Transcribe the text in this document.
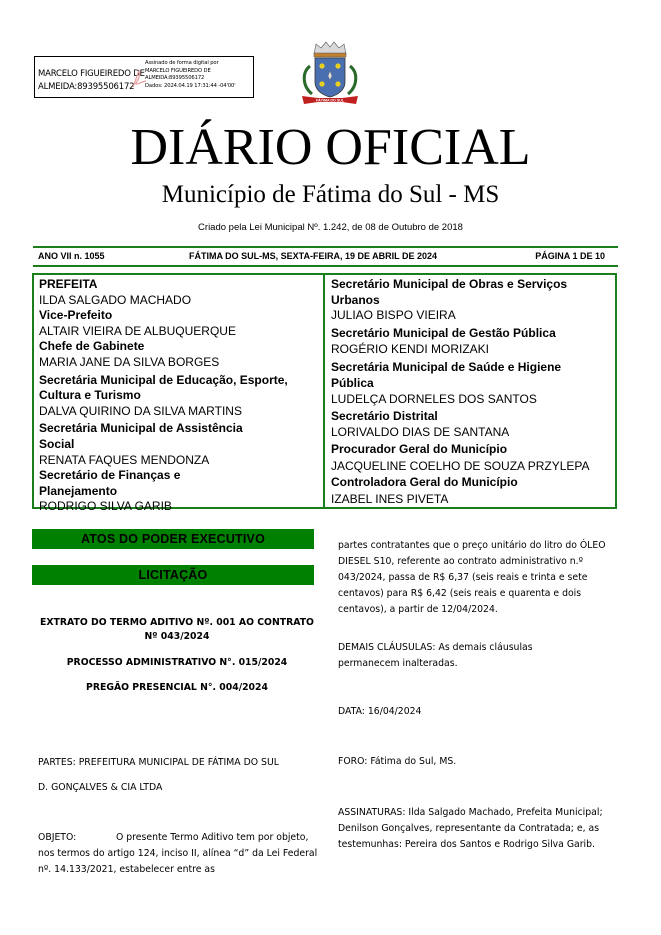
MARCELO FIGUEIREDO DE
ALMEIDA:89395506172
Assinado de forma digital por
MARCELO FIGUEIREDO DE
ALMEIDA:89395506172
Dados: 2024.04.19 17:31:44 -04'00'
FÁTIMA DO SUL
DIÁRIO OFICIAL
Município de Fátima do Sul - MS
Criado pela Lei Municipal Nº. 1.242, de 08 de Outubro de 2018
ANO VII n. 1055	FÁTIMA DO SUL-MS, SEXTA-FEIRA, 19 DE ABRIL DE 2024	PÁGINA 1 DE 10
PREFEITA
ILDA SALGADO MACHADO
Vice-Prefeito
ALTAIR VIEIRA DE ALBUQUERQUE
Chefe de Gabinete
MARIA JANE DA SILVA BORGES
Secretária Municipal de Educação, Esporte, Cultura e Turismo
DALVA QUIRINO DA SILVA MARTINS
Secretária Municipal de Assistência Social
RENATA FAQUES MENDONZA
Secretário de Finanças e Planejamento
RODRIGO SILVA GARIB
Secretário Municipal de Obras e Serviços Urbanos
JULIAO BISPO VIEIRA
Secretário Municipal de Gestão Pública
ROGÉRIO KENDI MORIZAKI
Secretária Municipal de Saúde e Higiene Pública
LUDELÇA DORNELES DOS SANTOS
Secretário Distrital
LORIVALDO DIAS DE SANTANA
Procurador Geral do Município
JACQUELINE COELHO DE SOUZA PRZYLEPA
Controladora Geral do Município
IZABEL INES PIVETA
ATOS DO PODER EXECUTIVO
LICITAÇÃO
EXTRATO DO TERMO ADITIVO Nº. 001 AO CONTRATO Nº 043/2024
PROCESSO ADMINISTRATIVO N°. 015/2024
PREGÃO PRESENCIAL N°. 004/2024
PARTES: PREFEITURA MUNICIPAL DE FÁTIMA DO SUL
D. GONÇALVES & CIA LTDA
OBJETO:	O presente Termo Aditivo tem por objeto, nos termos do artigo 124, inciso II, alínea “d” da Lei Federal nº. 14.133/2021, estabelecer entre as
partes contratantes que o preço unitário do litro do ÓLEO DIESEL S10, referente ao contrato administrativo n.º 043/2024, passa de R$ 6,37 (seis reais e trinta e sete centavos) para R$ 6,42 (seis reais e quarenta e dois centavos), a partir de 12/04/2024.
DEMAIS CLÁUSULAS: As demais cláusulas permanecem inalteradas.
DATA: 16/04/2024
FORO: Fátima do Sul, MS.
ASSINATURAS: Ilda Salgado Machado, Prefeita Municipal; Denilson Gonçalves, representante da Contratada; e, as testemunhas: Pereira dos Santos e Rodrigo Silva Garib.
